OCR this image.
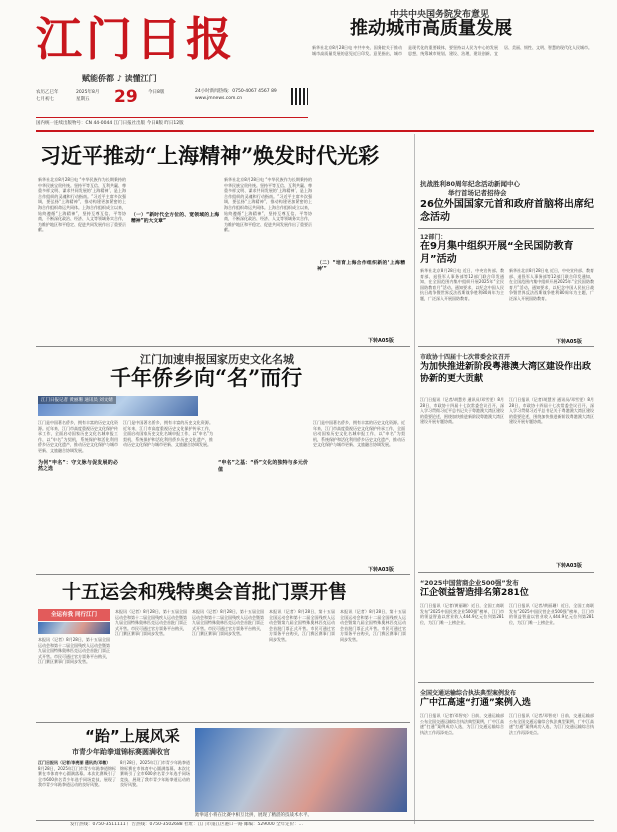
江门日报
赋能侨都 ♪ 读懂江门
农历乙巳年
七月初七
2025年8月
星期五 29 今日8版	24小时新闻热线：0750-4067 4567 89
www.jmnews.com.cn
国内统一连续出版物号：CN 44-0044 江门日报社出版 今日8版 昨日12版
中共中央国务院发布意见
推动城市高质量发展
新华社北京8月28日电 中共中央、国务院关于推动城市高质量发展的意见近日印发。意见指出，城市是现代化的重要载体，要坚持以人民为中心的发展思想，统筹城市规划、建设、治理，建设创新、宜居、美丽、韧性、文明、智慧的现代化人民城市。
习近平推动“上海精神”焕发时代光彩
新华社北京8月28日电 “中华民族作为长期秉持的中华民族宝贵传统。坚持平等互信、互利共赢、尊重多样文明、谋求共同发展的‘上海精神’，是上海合作组织的灵魂和行动指南。”习近平主席多次强调，要弘扬“上海精神”，推动构建更加紧密的上海合作组织命运共同体。上海合作组织成立以来，始终遵循“上海精神”，坚持互尊互信、平等协商，不断深化政治、经济、人文等领域务实合作，为维护地区和平稳定、促进共同发展作出了重要贡献。
（一）“新时代全方位的、宽领域的上海精神”的大文章”
新华社北京8月28日电 “中华民族作为长期秉持的中华民族宝贵传统。坚持平等互信、互利共赢、尊重多样文明、谋求共同发展的‘上海精神’，是上海合作组织的灵魂和行动指南。”习近平主席多次强调，要弘扬“上海精神”，推动构建更加紧密的上海合作组织命运共同体。上海合作组织成立以来，始终遵循“上海精神”，坚持互尊互信、平等协商，不断深化政治、经济、人文等领域务实合作，为维护地区和平稳定、促进共同发展作出了重要贡献。
（二）“培育上海合作组织新的‘上海精神’”
下转A05版
江门加速申报国家历史文化名城
千年侨乡向“名”而行
江门日报记者 黄丽珊 通讯员 刘文婧
江门是中国著名侨乡，拥有丰富的历史文化资源。近年来，江门市高度重视历史文化保护传承工作，全面启动国家历史文化名城申报工作，以“申名”为契机，系统保护和活化利用侨乡历史文化遗产，推动历史文化保护与城市更新、文旅融合协调发展。
为何“申名”：守文脉与促发展的必然之选
江门是中国著名侨乡，拥有丰富的历史文化资源。近年来，江门市高度重视历史文化保护传承工作，全面启动国家历史文化名城申报工作，以“申名”为契机，系统保护和活化利用侨乡历史文化遗产，推动历史文化保护与城市更新、文旅融合协调发展。
“申名”之基：“侨”文化的独特与多元价值
江门是中国著名侨乡，拥有丰富的历史文化资源。近年来，江门市高度重视历史文化保护传承工作，全面启动国家历史文化名城申报工作，以“申名”为契机，系统保护和活化利用侨乡历史文化遗产，推动历史文化保护与城市更新、文旅融合协调发展。
下转A03版
十五运会和残特奥会首批门票开售
全运有我 同行江门
本报讯（记者）8月28日，第十五届全国运动会和第十二届全国残疾人运动会暨第九届全国特殊奥林匹克运动会首批门票正式开售。市民可通过官方票务平台购买，江门赛区赛事门票同步发售。
本报讯（记者）8月28日，第十五届全国运动会和第十二届全国残疾人运动会暨第九届全国特殊奥林匹克运动会首批门票正式开售。市民可通过官方票务平台购买，江门赛区赛事门票同步发售。
本报讯（记者）8月28日，第十五届全国运动会和第十二届全国残疾人运动会暨第九届全国特殊奥林匹克运动会首批门票正式开售。市民可通过官方票务平台购买，江门赛区赛事门票同步发售。
本报讯（记者）8月28日，第十五届全国运动会和第十二届全国残疾人运动会暨第九届全国特殊奥林匹克运动会首批门票正式开售。市民可通过官方票务平台购买，江门赛区赛事门票同步发售。
本报讯（记者）8月28日，第十五届全国运动会和第十二届全国残疾人运动会暨第九届全国特殊奥林匹克运动会首批门票正式开售。市民可通过官方票务平台购买，江门赛区赛事门票同步发售。
“跆”上展风采
市青少年跆拳道锦标赛圆满收官
江门日报讯（记者/李亮丽 通讯员/邓敏）
8月28日，2025年江门市青少年跆拳道锦标赛在市体育中心圆满落幕。本次比赛吸引了全市600余名青少年选手同场竞技，展现了我市青少年跆拳道运动的良好风貌。
8月28日，2025年江门市青少年跆拳道锦标赛在市体育中心圆满落幕。本次比赛吸引了全市600余名青少年选手同场竞技，展现了我市青少年跆拳道运动的良好风貌。
跆拳道小将在比赛中相互比拼，展现了精湛的技战术水平。
抗战胜利80周年纪念活动新闻中心
举行首场记者招待会
26位外国国家元首和政府首脑将出席纪念活动
12部门：
在9月集中组织开展“全民国防教育月”活动
新华社北京8月28日电 近日，中央宣传部、教育部、退役军人事务部等12部门联合印发通知，在全国范围内集中组织开展2025年“全民国防教育月”活动。通知要求，以纪念中国人民抗日战争暨世界反法西斯战争胜利80周年为主题，广泛深入开展国防教育。
新华社北京8月28日电 近日，中央宣传部、教育部、退役军人事务部等12部门联合印发通知，在全国范围内集中组织开展2025年“全民国防教育月”活动。通知要求，以纪念中国人民抗日战争暨世界反法西斯战争胜利80周年为主题，广泛深入开展国防教育。
下转A05版
市政协十四届十七次常委会议召开
为加快推进新阶段粤港澳大湾区建设作出政协新的更大贡献
江门日报讯（记者/胡慧芳 通讯员/邓雪雯）8月28日，市政协十四届十七次常委会议召开，深入学习贯彻习近平总书记关于粤港澳大湾区建设的重要论述，围绕加快推进新阶段粤港澳大湾区建设开展专题协商。
江门日报讯（记者/胡慧芳 通讯员/邓雪雯）8月28日，市政协十四届十七次常委会议召开，深入学习贯彻习近平总书记关于粤港澳大湾区建设的重要论述，围绕加快推进新阶段粤港澳大湾区建设开展专题协商。
下转A03版
“2025中国营商企业500强”发布
江企领益智造排名第281位
江门日报讯（记者/黄丽珊）近日，全国工商联发布“2025中国民营企业500强”榜单，江门市的领益智造以营业收入444.9亿元位列第281位，为江门唯一上榜企业。
江门日报讯（记者/黄丽珊）近日，全国工商联发布“2025中国民营企业500强”榜单，江门市的领益智造以营业收入444.9亿元位列第281位，为江门唯一上榜企业。
全国交通运输综合执法典型案例发布
广中江高速“打通”案例入选
江门日报讯（记者/邓智亮）日前，交通运输部公布全国交通运输综合执法典型案例，广中江高速“打通”案例成功入选，为江门交通运输综合执法工作再添亮点。
江门日报讯（记者/邓智亮）日前，交通运输部公布全国交通运输综合执法典型案例，广中江高速“打通”案例成功入选，为江门交通运输综合执法工作再添亮点。
发行热线：0750-3511111 广告热线：0750-3502688 社址：江门市蓬江区港口一路 邮编：529000 全年定价：...
